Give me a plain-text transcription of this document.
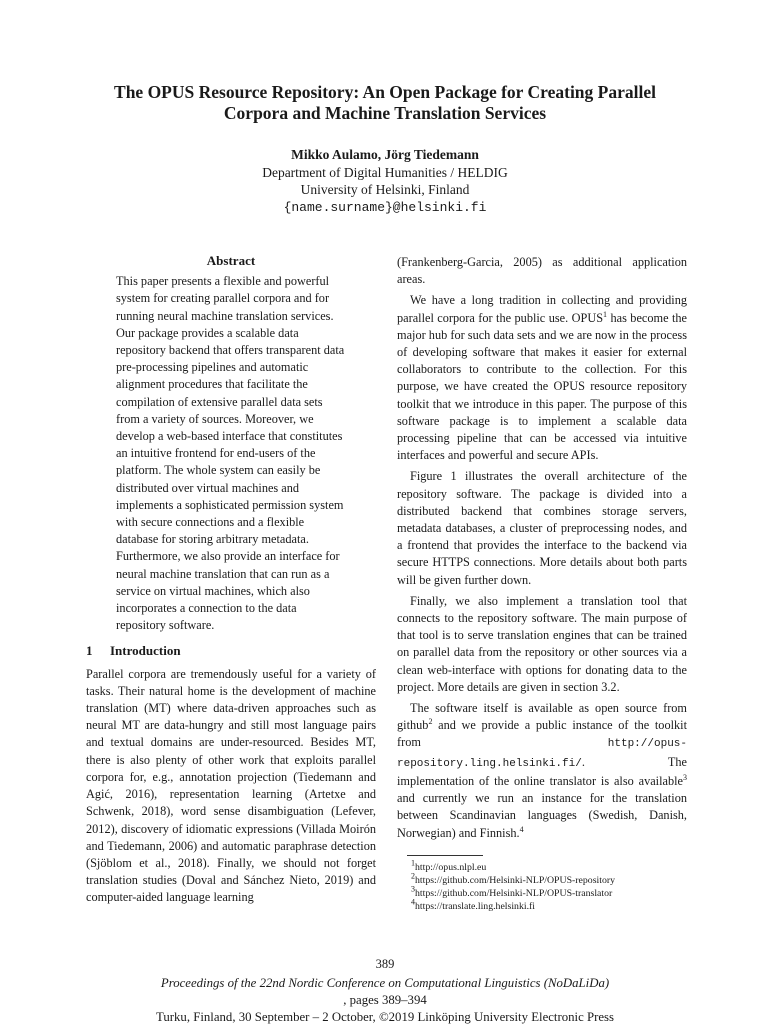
The OPUS Resource Repository: An Open Package for Creating Parallel
Corpora and Machine Translation Services
Mikko Aulamo, Jörg Tiedemann
Department of Digital Humanities / HELDIG
University of Helsinki, Finland
{name.surname}@helsinki.fi
Abstract

This paper presents a flexible and powerful system for creating parallel corpora and for running neural machine translation services. Our package provides a scalable data repository backend that offers transparent data pre-processing pipelines and automatic alignment procedures that facilitate the compilation of extensive parallel data sets from a variety of sources. Moreover, we develop a web-based interface that constitutes an intuitive frontend for end-users of the platform. The whole system can easily be distributed over virtual machines and implements a sophisticated permission system with secure connections and a flexible database for storing arbitrary metadata. Furthermore, we also provide an interface for neural machine translation that can run as a service on virtual machines, which also incorporates a connection to the data repository software.

1 Introduction

Parallel corpora are tremendously useful for a variety of tasks. Their natural home is the development of machine translation (MT) where data-driven approaches such as neural MT are data-hungry and still most language pairs and textual domains are under-resourced. Besides MT, there is also plenty of other work that exploits parallel corpora for, e.g., annotation projection (Tiedemann and Agić, 2016), representation learning (Artetxe and Schwenk, 2018), word sense disambiguation (Lefever, 2012), discovery of idiomatic expressions (Villada Moirón and Tiedemann, 2006) and automatic paraphrase detection (Sjöblom et al., 2018). Finally, we should not forget translation studies (Doval and Sánchez Nieto, 2019) and computer-aided language learning

(Frankenberg-Garcia, 2005) as additional application areas.

We have a long tradition in collecting and providing parallel corpora for the public use. OPUS$^1$ has become the major hub for such data sets and we are now in the process of developing software that makes it easier for external collaborators to contribute to the collection. For this purpose, we have created the OPUS resource repository toolkit that we introduce in this paper. The purpose of this software package is to implement a scalable data processing pipeline that can be accessed via intuitive interfaces and powerful and secure APIs.

Figure 1 illustrates the overall architecture of the repository software. The package is divided into a distributed backend that combines storage servers, metadata databases, a cluster of preprocessing nodes, and a frontend that provides the interface to the backend via secure HTTPS connections. More details about both parts will be given further down.

Finally, we also implement a translation tool that connects to the repository software. The main purpose of that tool is to serve translation engines that can be trained on parallel data from the repository or other sources via a clean web-interface with options for donating data to the project. More details are given in section 3.2.

The software itself is available as open source from github$^2$ and we provide a public instance of the toolkit from http://opus-repository.ling.helsinki.fi/. The implementation of the online translator is also available$^3$ and currently we run an instance for the translation between Scandinavian languages (Swedish, Danish, Norwegian) and Finnish.$^4$

$^1$http://opus.nlpl.eu
$^2$https://github.com/Helsinki-NLP/OPUS-repository
$^3$https://github.com/Helsinki-NLP/OPUS-translator
$^4$https://translate.ling.helsinki.fi
389
Proceedings of the 22nd Nordic Conference on Computational Linguistics (NoDaLiDa)
, pages 389–394
Turku, Finland, 30 September – 2 October, ©2019 Linköping University Electronic Press
